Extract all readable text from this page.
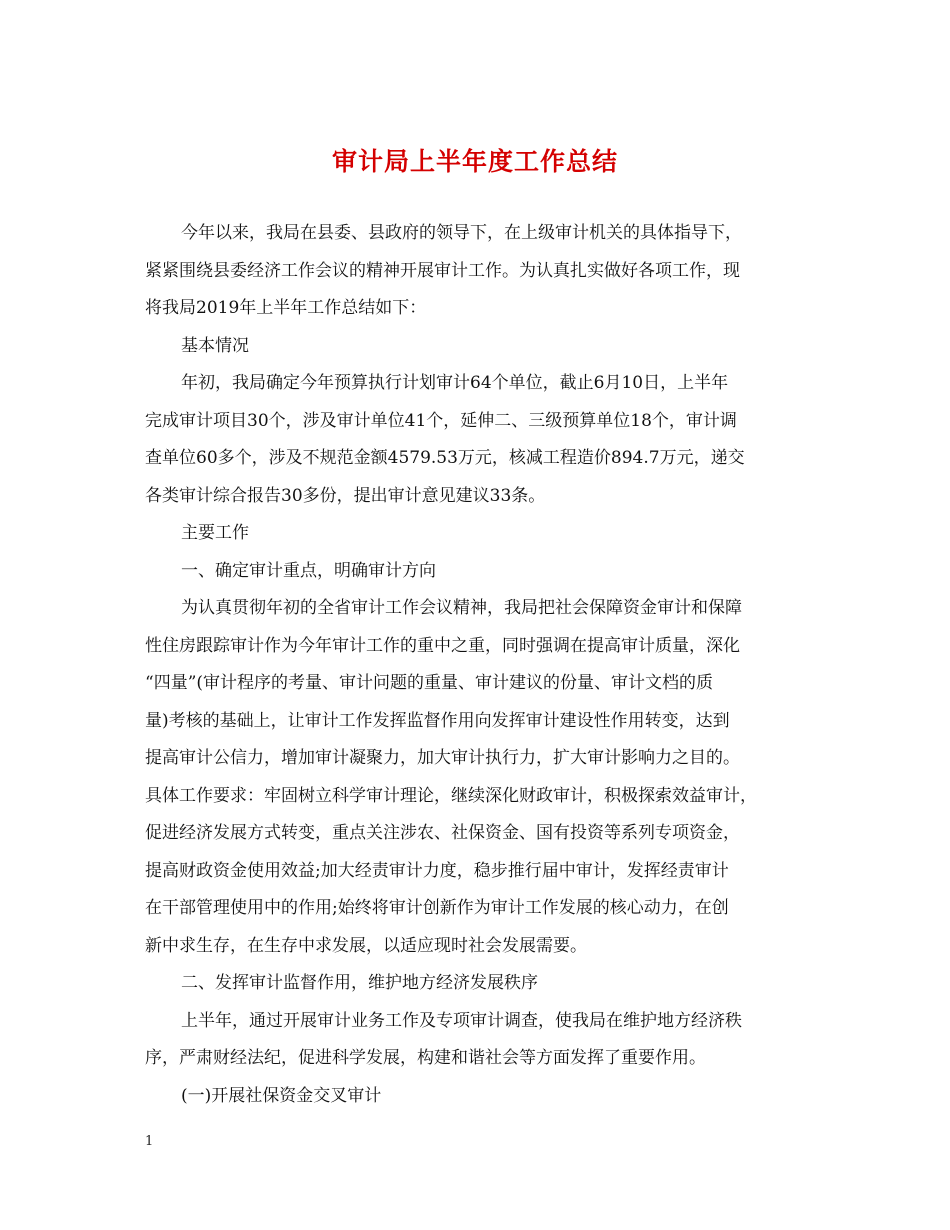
审计局上半年度工作总结
今年以来，我局在县委、县政府的领导下，在上级审计机关的具体指导下，
紧紧围绕县委经济工作会议的精神开展审计工作。为认真扎实做好各项工作，现
将我局2019年上半年工作总结如下：
基本情况
年初，我局确定今年预算执行计划审计64个单位，截止6月10日，上半年
完成审计项目30个，涉及审计单位41个，延伸二、三级预算单位18个，审计调
查单位60多个，涉及不规范金额4579.53万元，核减工程造价894.7万元，递交
各类审计综合报告30多份，提出审计意见建议33条。
主要工作
一、确定审计重点，明确审计方向
为认真贯彻年初的全省审计工作会议精神，我局把社会保障资金审计和保障
性住房跟踪审计作为今年审计工作的重中之重，同时强调在提高审计质量，深化
“四量”(审计程序的考量、审计问题的重量、审计建议的份量、审计文档的质
量)考核的基础上，让审计工作发挥监督作用向发挥审计建设性作用转变，达到
提高审计公信力，增加审计凝聚力，加大审计执行力，扩大审计影响力之目的。
具体工作要求：牢固树立科学审计理论，继续深化财政审计，积极探索效益审计，
促进经济发展方式转变，重点关注涉农、社保资金、国有投资等系列专项资金，
提高财政资金使用效益;加大经责审计力度，稳步推行届中审计，发挥经责审计
在干部管理使用中的作用;始终将审计创新作为审计工作发展的核心动力，在创
新中求生存，在生存中求发展，以适应现时社会发展需要。
二、发挥审计监督作用，维护地方经济发展秩序
上半年，通过开展审计业务工作及专项审计调查，使我局在维护地方经济秩
序，严肃财经法纪，促进科学发展，构建和谐社会等方面发挥了重要作用。
(一)开展社保资金交叉审计
1
